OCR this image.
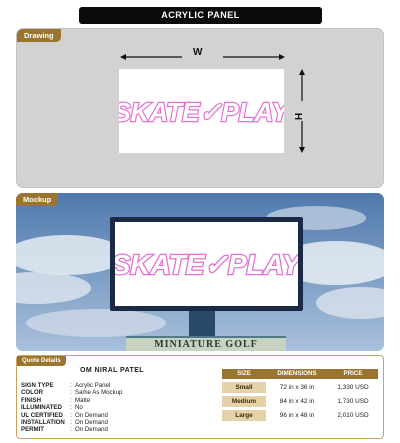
ACRYLIC PANEL
Drawing
W
SKATE✓PLAY H
Mockup
SKATE✓PLAY
MINIATURE GOLF
Quote Details
OM NIRAL PATEL
SIGN TYPE	: Acrylic Panel
COLOR	: Same As Mockup
FINISH	: Matte
ILLUMINATED	: No
UL CERTIFIED	: On Demand
INSTALLATION : On Demand
PERMIT	: On Demand
SIZE	DIMENSIONS	PRICE
Small	72 in x 36 in	1,330 USD
Medium	84 in x 42 in	1,730 USD
Large	96 in x 48 in	2,010 USD
